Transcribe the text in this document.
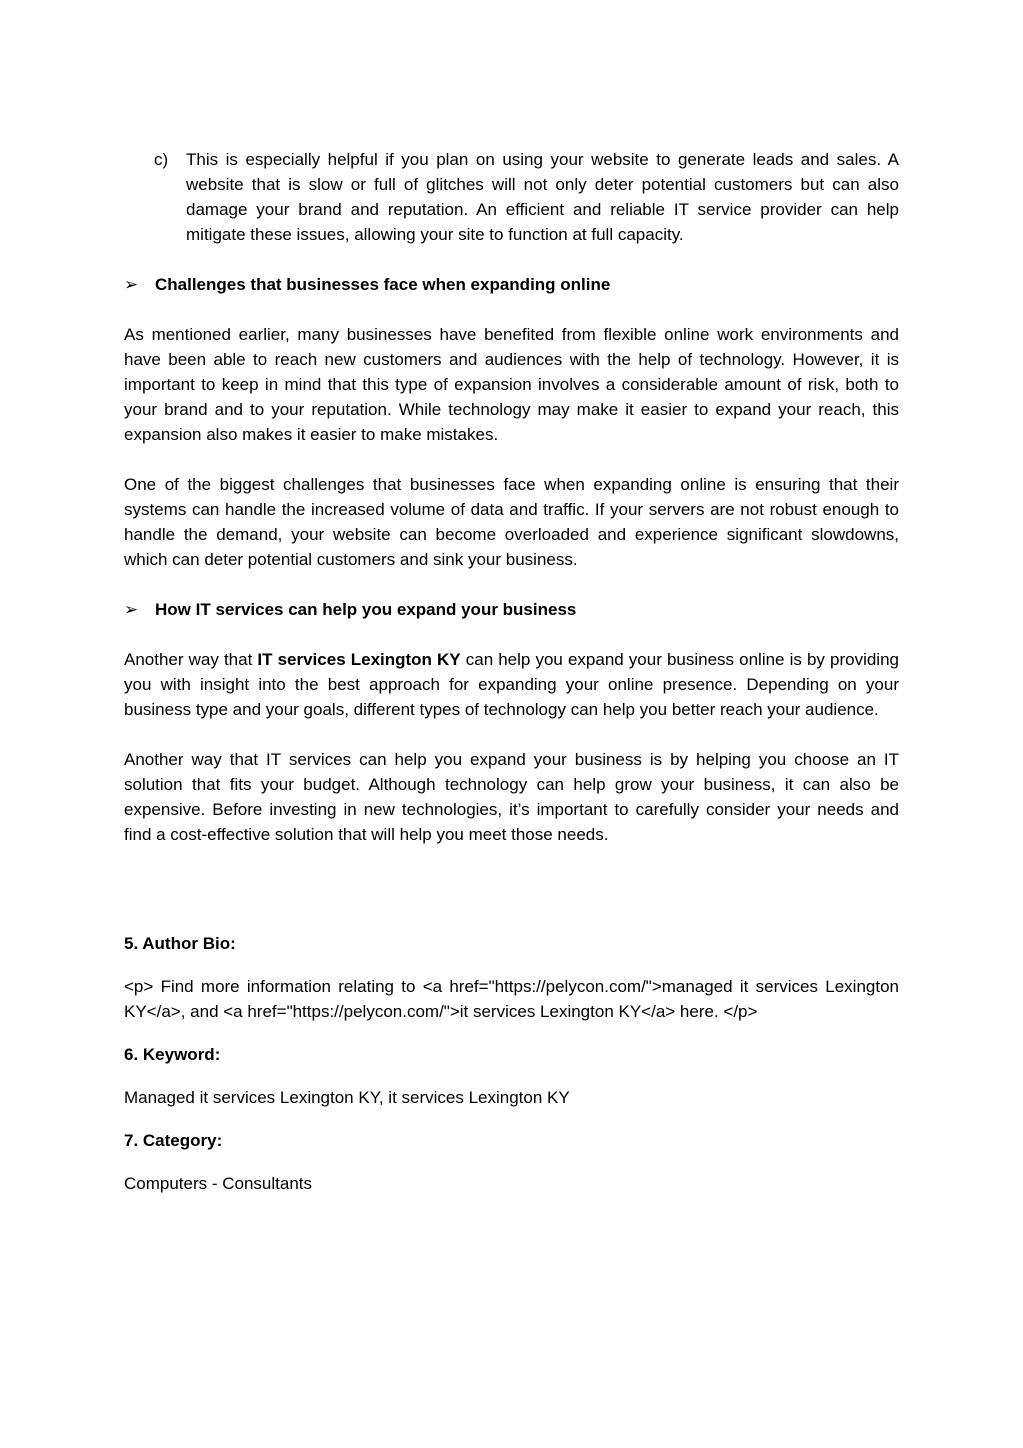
c) This is especially helpful if you plan on using your website to generate leads and sales. A website that is slow or full of glitches will not only deter potential customers but can also damage your brand and reputation. An efficient and reliable IT service provider can help mitigate these issues, allowing your site to function at full capacity.
➢ Challenges that businesses face when expanding online

As mentioned earlier, many businesses have benefited from flexible online work environments and have been able to reach new customers and audiences with the help of technology. However, it is important to keep in mind that this type of expansion involves a considerable amount of risk, both to your brand and to your reputation. While technology may make it easier to expand your reach, this expansion also makes it easier to make mistakes.

One of the biggest challenges that businesses face when expanding online is ensuring that their systems can handle the increased volume of data and traffic. If your servers are not robust enough to handle the demand, your website can become overloaded and experience significant slowdowns, which can deter potential customers and sink your business.

➢ How IT services can help you expand your business

Another way that IT services Lexington KY can help you expand your business online is by providing you with insight into the best approach for expanding your online presence. Depending on your business type and your goals, different types of technology can help you better reach your audience.

Another way that IT services can help you expand your business is by helping you choose an IT solution that fits your budget. Although technology can help grow your business, it can also be expensive. Before investing in new technologies, it’s important to carefully consider your needs and find a cost-effective solution that will help you meet those needs.

5. Author Bio:

<p> Find more information relating to <a href="https://pelycon.com/">managed it services Lexington KY</a>, and <a href="https://pelycon.com/">it services Lexington KY</a> here. </p>

6. Keyword:

Managed it services Lexington KY, it services Lexington KY

7. Category:

Computers - Consultants
